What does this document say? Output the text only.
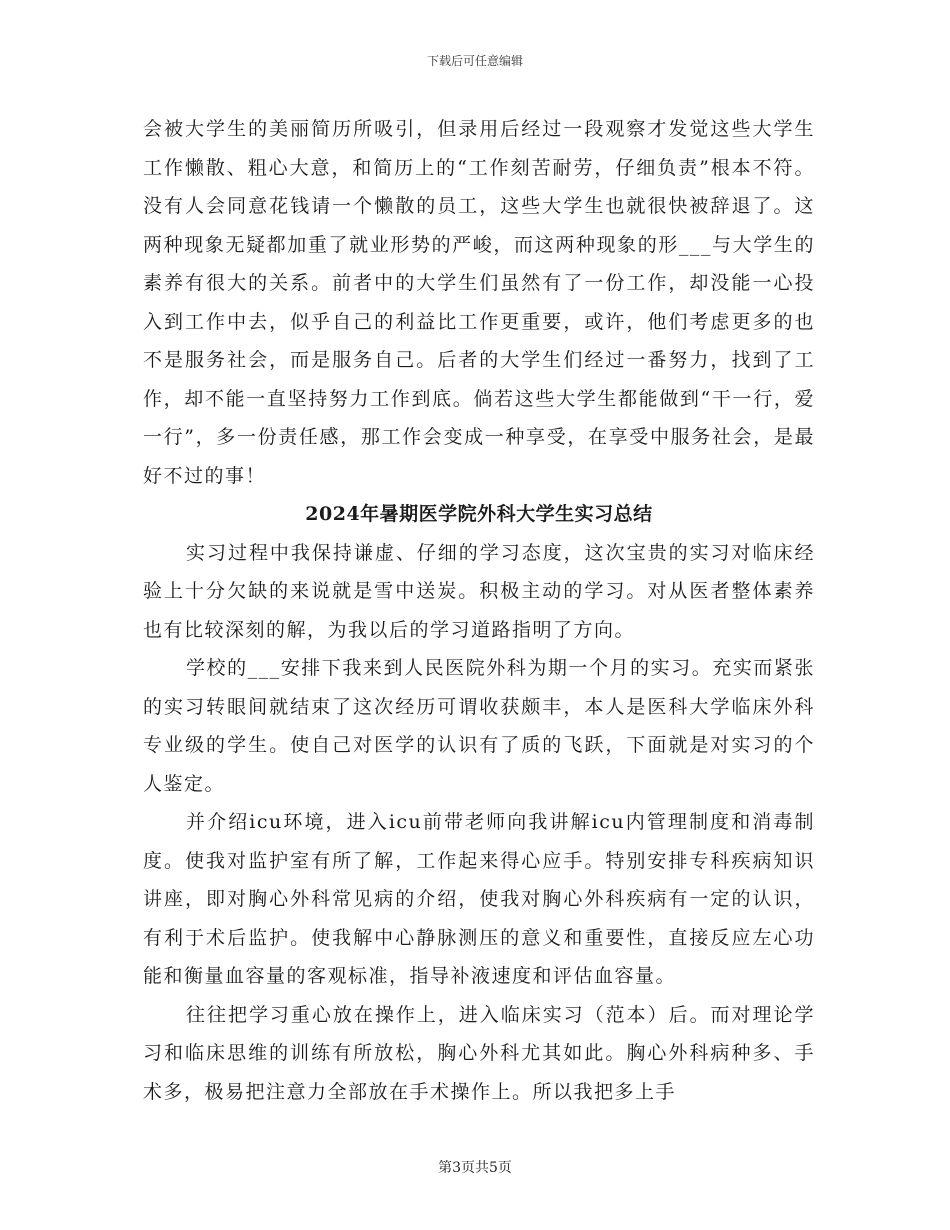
下载后可任意编辑

会被大学生的美丽简历所吸引，但录用后经过一段观察才发觉这些大学生工作懒散、粗心大意，和简历上的“工作刻苦耐劳，仔细负责”根本不符。没有人会同意花钱请一个懒散的员工，这些大学生也就很快被辞退了。这两种现象无疑都加重了就业形势的严峻，而这两种现象的形___与大学生的素养有很大的关系。前者中的大学生们虽然有了一份工作，却没能一心投入到工作中去，似乎自己的利益比工作更重要，或许，他们考虑更多的也不是服务社会，而是服务自己。后者的大学生们经过一番努力，找到了工作，却不能一直坚持努力工作到底。倘若这些大学生都能做到“干一行，爱一行”，多一份责任感，那工作会变成一种享受，在享受中服务社会，是最好不过的事！

2024年暑期医学院外科大学生实习总结

实习过程中我保持谦虚、仔细的学习态度，这次宝贵的实习对临床经验上十分欠缺的来说就是雪中送炭。积极主动的学习。对从医者整体素养也有比较深刻的解，为我以后的学习道路指明了方向。

学校的___安排下我来到人民医院外科为期一个月的实习。充实而紧张的实习转眼间就结束了这次经历可谓收获颇丰，本人是医科大学临床外科专业级的学生。使自己对医学的认识有了质的飞跃，下面就是对实习的个人鉴定。

并介绍icu环境，进入icu前带老师向我讲解icu内管理制度和消毒制度。使我对监护室有所了解，工作起来得心应手。特别安排专科疾病知识讲座，即对胸心外科常见病的介绍，使我对胸心外科疾病有一定的认识，有利于术后监护。使我解中心静脉测压的意义和重要性，直接反应左心功能和衡量血容量的客观标准，指导补液速度和评估血容量。

往往把学习重心放在操作上，进入临床实习（范本）后。而对理论学习和临床思维的训练有所放松，胸心外科尤其如此。胸心外科病种多、手术多，极易把注意力全部放在手术操作上。所以我把多上手

第3页共5页
